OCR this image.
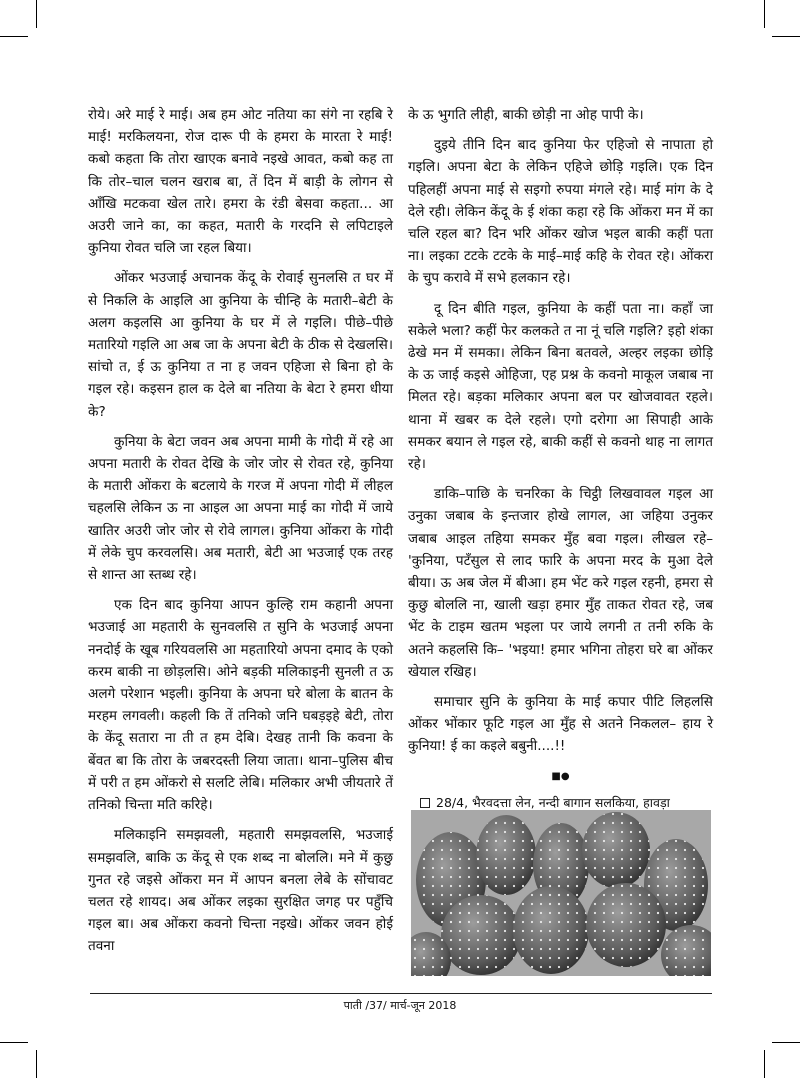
रोये। अरे माई रे माई। अब हम ओट नतिया का संगे ना रहबि रे माई! मरकिलयना, रोज दारू पी के हमरा के मारता रे माई! कबो कहता कि तोरा खाएक बनावे नइखे आवत, कबो कह ता कि तोर–चाल चलन खराब बा, तें दिन में बाड़ी के लोगन से आँखि मटकवा खेल तारे। हमरा के रंडी बेसवा कहता... आ अउरी जाने का, का कहत, मतारी के गरदनि से लपिटाइले कुनिया रोवत चलि जा रहल बिया।

ओंकर भउजाई अचानक केंदू के रोवाई सुनलसि त घर में से निकलि के आइलि आ कुनिया के चीन्हि के मतारी–बेटी के अलग कइलसि आ कुनिया के घर में ले गइलि। पीछे–पीछे मतारियो गइलि आ अब जा के अपना बेटी के ठीक से देखलसि। सांचो त, ई ऊ कुनिया त ना ह जवन एहिजा से बिना हो के गइल रहे। कइसन हाल क देले बा नतिया के बेटा रे हमरा धीया के?

कुनिया के बेटा जवन अब अपना मामी के गोदी में रहे आ अपना मतारी के रोवत देखि के जोर जोर से रोवत रहे, कुनिया के मतारी ओंकरा के बटलाये के गरज में अपना गोदी में लीहल चहलसि लेकिन ऊ ना आइल आ अपना माई का गोदी में जाये खातिर अउरी जोर जोर से रोवे लागल। कुनिया ओंकरा के गोदी में लेके चुप करवलसि। अब मतारी, बेटी आ भउजाई एक तरह से शान्त आ स्तब्ध रहे।

एक दिन बाद कुनिया आपन कुल्हि राम कहानी अपना भउजाई आ महतारी के सुनवलसि त सुनि के भउजाई अपना ननदोई के खूब गरियवलसि आ महतारियो अपना दमाद के एको करम बाकी ना छोड़लसि। ओने बड़की मलिकाइनी सुनली त ऊ अलगे परेशान भइली। कुनिया के अपना घरे बोला के बातन के मरहम लगवली। कहली कि तें तनिको जनि घबड़इहे बेटी, तोरा के केंदू सतारा ना ती त हम देबि। देखह तानी कि कवना के बेंवत बा कि तोरा के जबरदस्ती लिया जाता। थाना–पुलिस बीच में परी त हम ओंकरो से सलटि लेबि। मलिकार अभी जीयतारे तें तनिको चिन्ता मति करिहे।

मलिकाइनि समझवली, महतारी समझवलसि, भउजाई समझवलि, बाकि ऊ केंदू से एक शब्द ना बोललि। मने में कुछु गुनत रहे जइसे ओंकरा मन में आपन बनला लेबे के सोंचावट चलत रहे शायद। अब ओंकर लइका सुरक्षित जगह पर पहुँचि गइल बा। अब ओंकरा कवनो चिन्ता नइखे। ओंकर जवन होई तवना

के ऊ भुगति लीही, बाकी छोड़ी ना ओह पापी के।

दुइये तीनि दिन बाद कुनिया फेर एहिजो से नापाता हो गइलि। अपना बेटा के लेकिन एहिजे छोड़ि गइलि। एक दिन पहिलहीं अपना माई से सइगो रुपया मंगले रहे। माई मांग के दे देले रही। लेकिन केंदू के ई शंका कहा रहे कि ओंकरा मन में का चलि रहल बा? दिन भरि ओंकर खोज भइल बाकी कहीं पता ना। लइका टटके टटके के माई–माई कहि के रोवत रहे। ओंकरा के चुप करावे में सभे हलकान रहे।

दू दिन बीति गइल, कुनिया के कहीं पता ना। कहाँ जा सकेले भला? कहीं फेर कलकते त ना नूं चलि गइलि? इहो शंका ढेखे मन में समका। लेकिन बिना बतवले, अल्हर लइका छोड़ि के ऊ जाई कइसे ओहिजा, एह प्रश्न के कवनो माकूल जबाब ना मिलत रहे। बड़का मलिकार अपना बल पर खोजवावत रहले। थाना में खबर क देले रहले। एगो दरोगा आ सिपाही आके समकर बयान ले गइल रहे, बाकी कहीं से कवनो थाह ना लागत रहे।

डाकि–पाछि के चनरिका के चिट्ठी लिखवावल गइल आ उनुका जबाब के इन्तजार होखे लागल, आ जहिया उनुकर जबाब आइल तहिया समकर मुँह बवा गइल। लीखल रहे– 'कुनिया, पटँसुल से लाद फारि के अपना मरद के मुआ देले बीया। ऊ अब जेल में बीआ। हम भेंट करे गइल रहनी, हमरा से कुछु बोललि ना, खाली खड़ा हमार मुँह ताकत रोवत रहे, जब भेंट के टाइम खतम भइला पर जाये लगनी त तनी रुकि के अतने कहलसि कि– 'भइया! हमार भगिना तोहरा घरे बा ओंकर खेयाल रखिह।

समाचार सुनि के कुनिया के माई कपार पीटि लिहलसि ओंकर भोंकार फूटि गइल आ मुँह से अतने निकलल– हाय रे कुनिया! ई का कइले बबुनी....!!

■●

28/4, भैरवदत्ता लेन, नन्दी बागान सलकिया, हावड़ा

पाती /37/ मार्च-जून 2018
